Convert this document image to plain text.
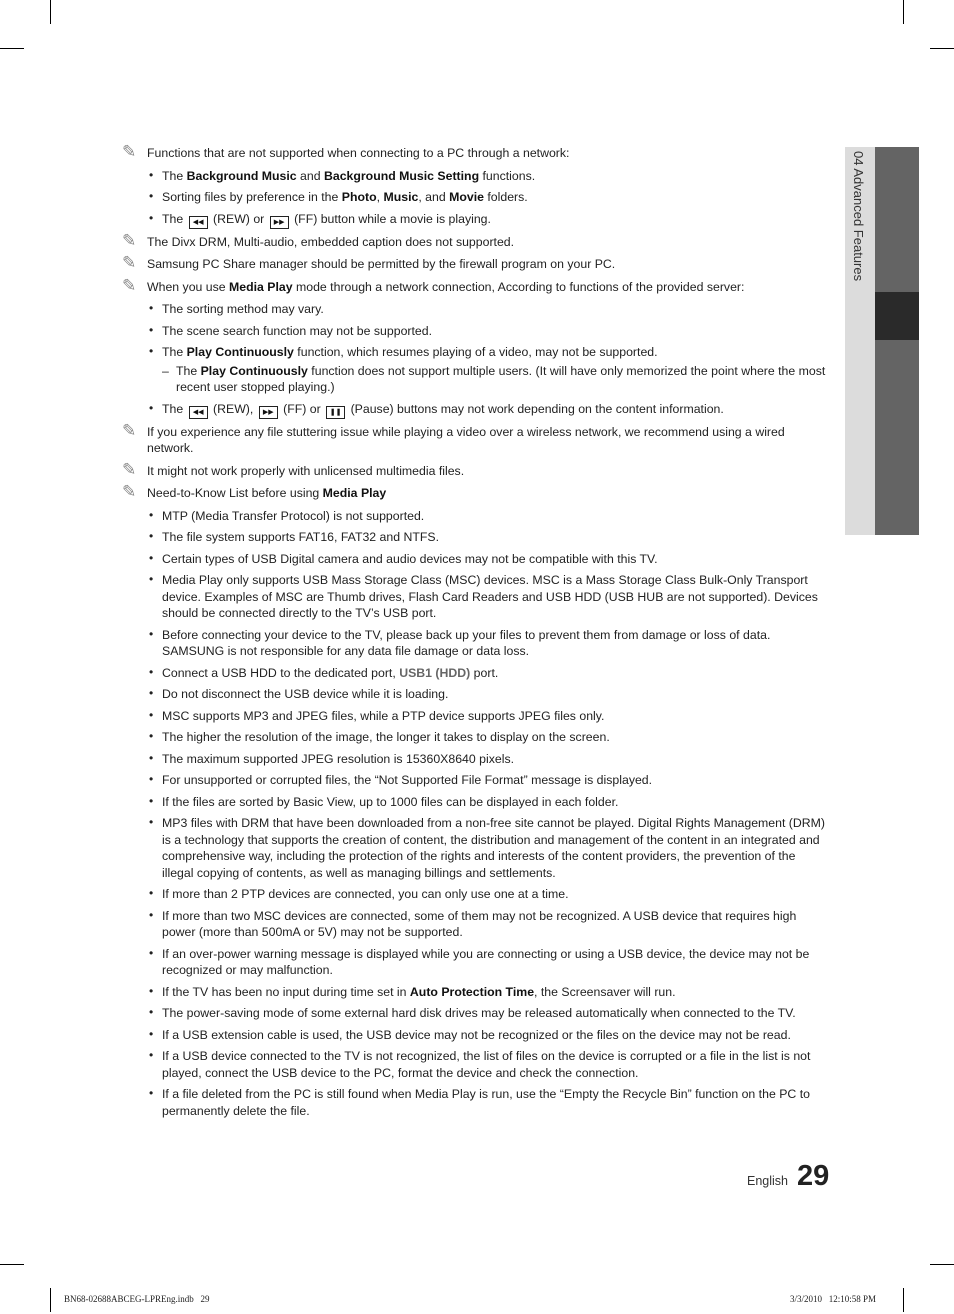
04 Advanced Features
✎ Functions that are not supported when connecting to a PC through a network:
• The Background Music and Background Music Setting functions.
• Sorting files by preference in the Photo, Music, and Movie folders.
• The ◀◀ (REW) or ▶▶ (FF) button while a movie is playing.
✎ The Divx DRM, Multi-audio, embedded caption does not supported.
✎ Samsung PC Share manager should be permitted by the firewall program on your PC.
✎ When you use Media Play mode through a network connection, According to functions of the provided server:
• The sorting method may vary.
• The scene search function may not be supported.
• The Play Continuously function, which resumes playing of a video, may not be supported.
– The Play Continuously function does not support multiple users. (It will have only memorized the point where the most recent user stopped playing.)
• The ◀◀ (REW), ▶▶ (FF) or ❚❚ (Pause) buttons may not work depending on the content information.
✎ If you experience any file stuttering issue while playing a video over a wireless network, we recommend using a wired network.
✎ It might not work properly with unlicensed multimedia files.
✎ Need-to-Know List before using Media Play
• MTP (Media Transfer Protocol) is not supported.
• The file system supports FAT16, FAT32 and NTFS.
• Certain types of USB Digital camera and audio devices may not be compatible with this TV.
• Media Play only supports USB Mass Storage Class (MSC) devices. MSC is a Mass Storage Class Bulk-Only Transport device. Examples of MSC are Thumb drives, Flash Card Readers and USB HDD (USB HUB are not supported). Devices should be connected directly to the TV’s USB port.
• Before connecting your device to the TV, please back up your files to prevent them from damage or loss of data. SAMSUNG is not responsible for any data file damage or data loss.
• Connect a USB HDD to the dedicated port, USB1 (HDD) port.
• Do not disconnect the USB device while it is loading.
• MSC supports MP3 and JPEG files, while a PTP device supports JPEG files only.
• The higher the resolution of the image, the longer it takes to display on the screen.
• The maximum supported JPEG resolution is 15360X8640 pixels.
• For unsupported or corrupted files, the “Not Supported File Format” message is displayed.
• If the files are sorted by Basic View, up to 1000 files can be displayed in each folder.
• MP3 files with DRM that have been downloaded from a non-free site cannot be played. Digital Rights Management (DRM) is a technology that supports the creation of content, the distribution and management of the content in an integrated and comprehensive way, including the protection of the rights and interests of the content providers, the prevention of the illegal copying of contents, as well as managing billings and settlements.
• If more than 2 PTP devices are connected, you can only use one at a time.
• If more than two MSC devices are connected, some of them may not be recognized. A USB device that requires high power (more than 500mA or 5V) may not be supported.
• If an over-power warning message is displayed while you are connecting or using a USB device, the device may not be recognized or may malfunction.
• If the TV has been no input during time set in Auto Protection Time, the Screensaver will run.
• The power-saving mode of some external hard disk drives may be released automatically when connected to the TV.
• If a USB extension cable is used, the USB device may not be recognized or the files on the device may not be read.
• If a USB device connected to the TV is not recognized, the list of files on the device is corrupted or a file in the list is not played, connect the USB device to the PC, format the device and check the connection.
• If a file deleted from the PC is still found when Media Play is run, use the “Empty the Recycle Bin” function on the PC to permanently delete the file.
English 29
BN68-02688ABCEG-LPREng.indb   29	3/3/2010   12:10:58 PM
